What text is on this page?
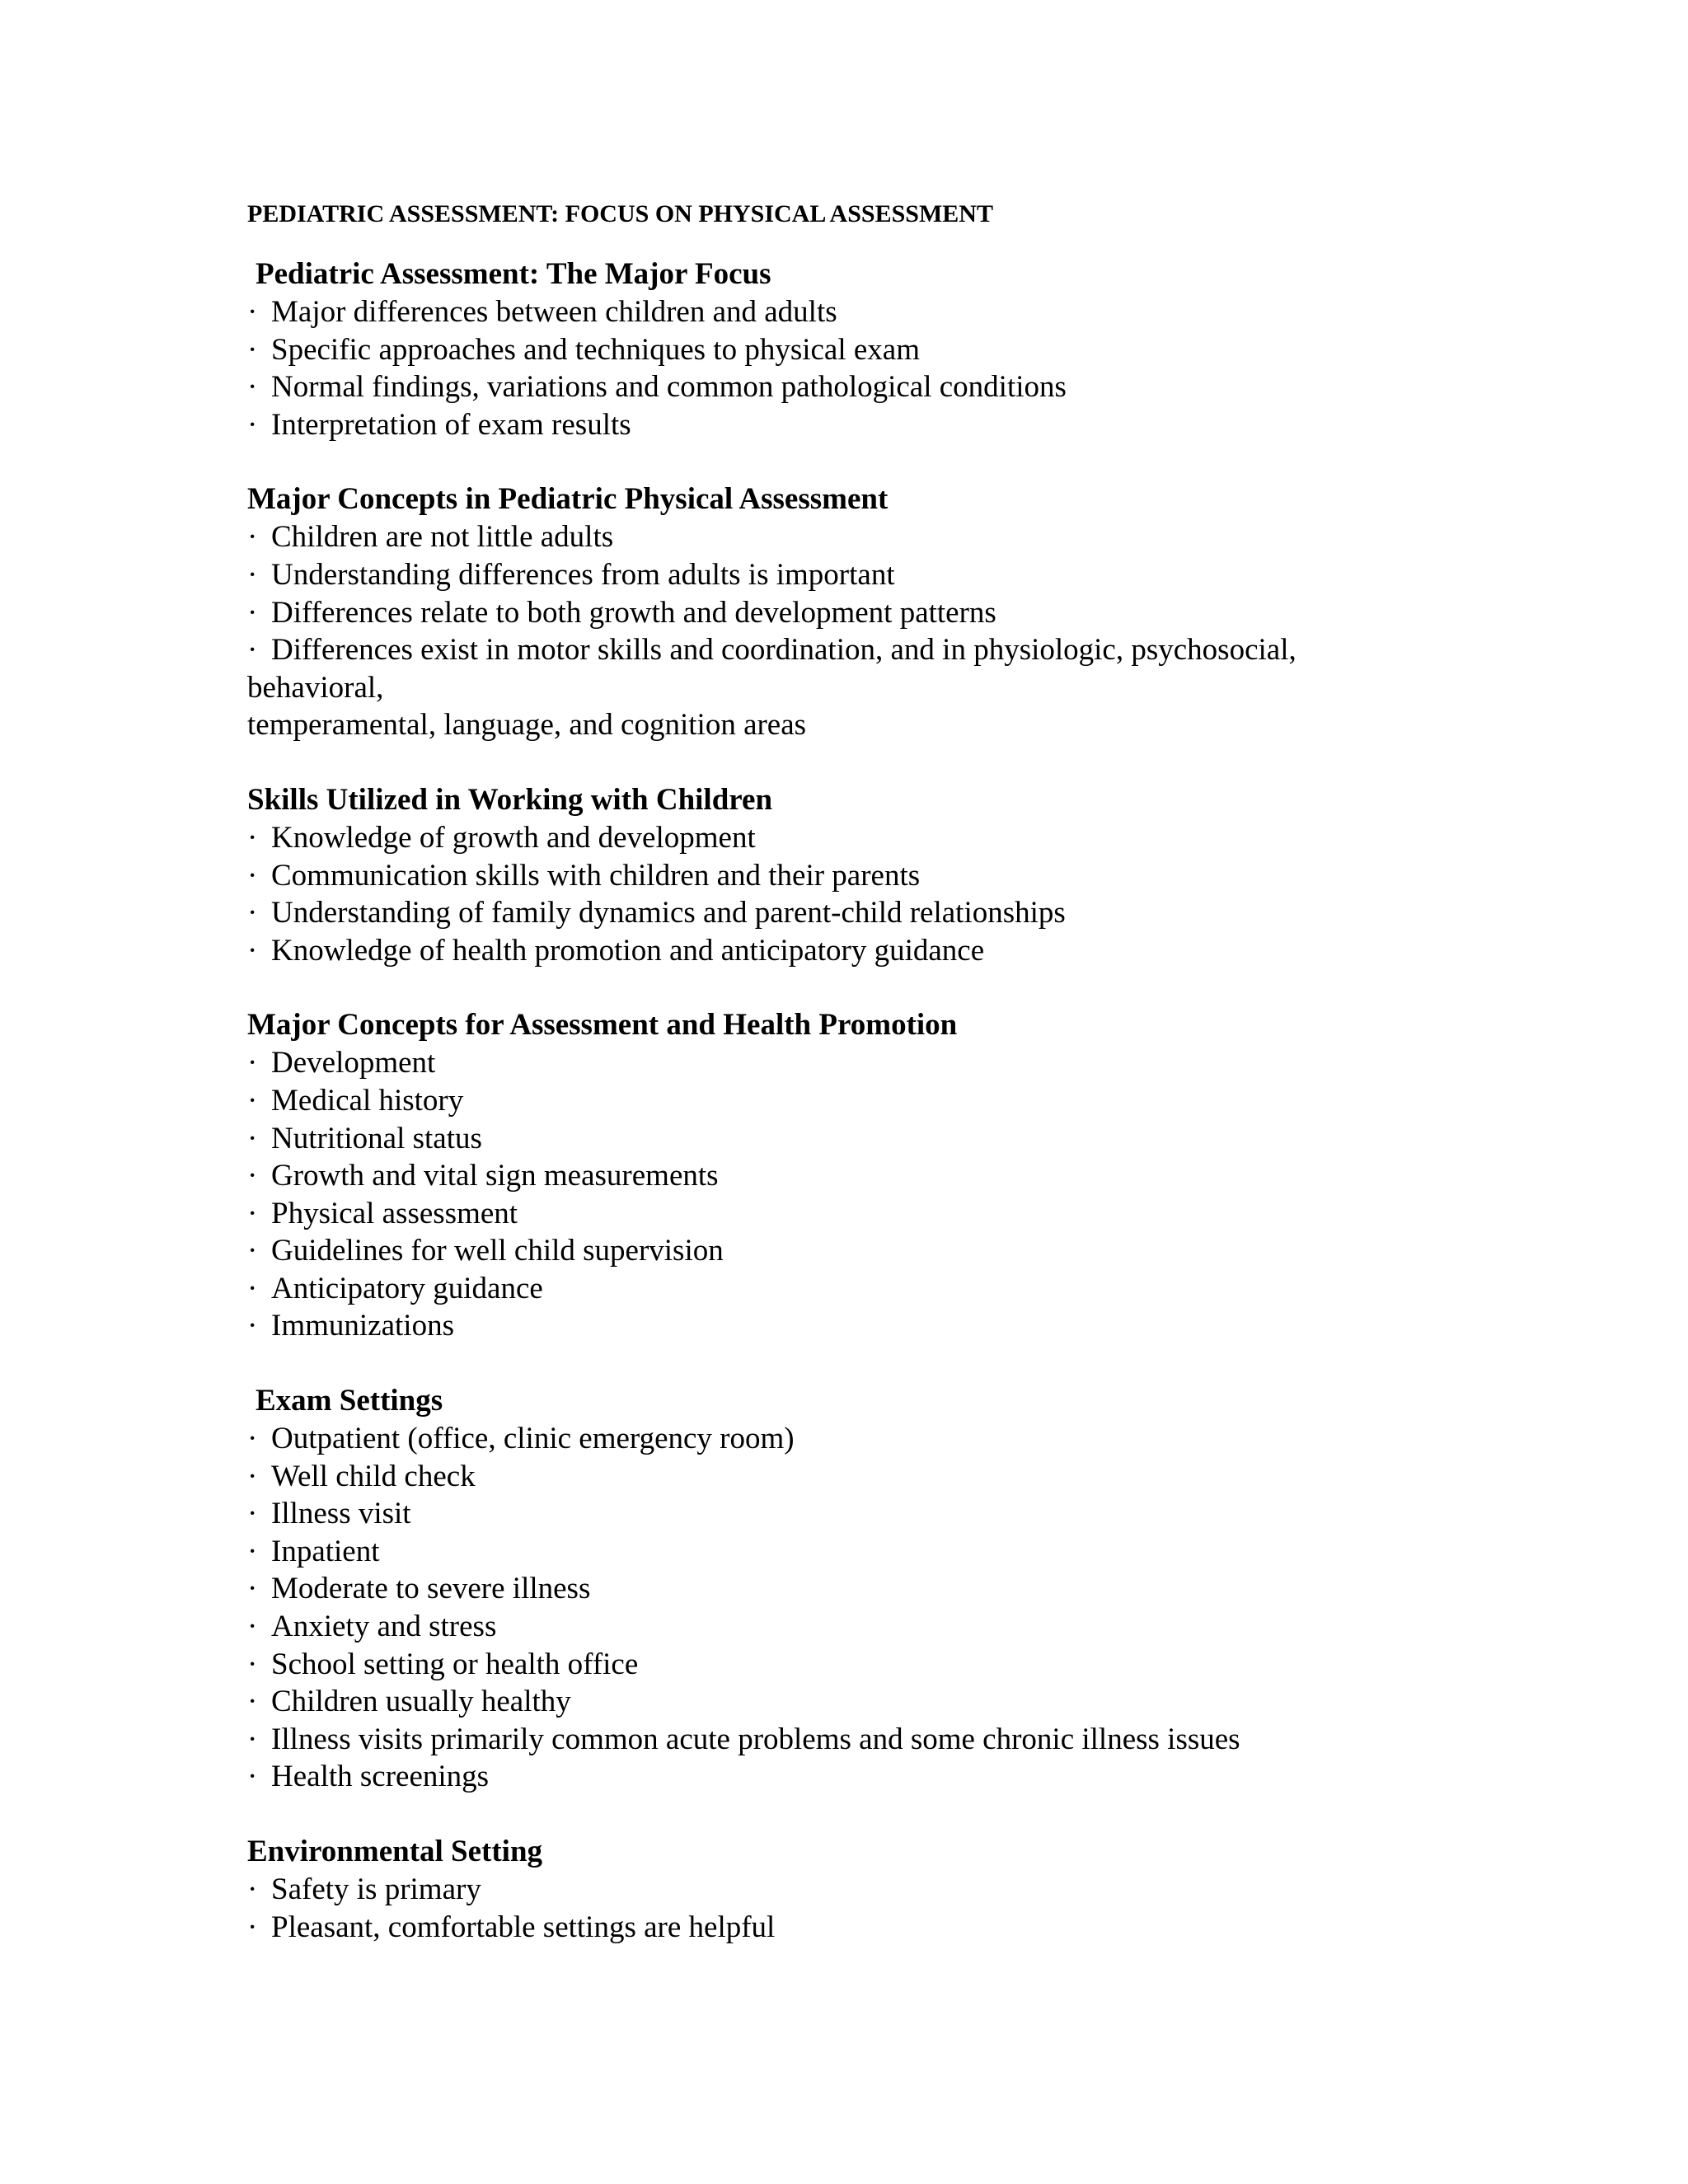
PEDIATRIC ASSESSMENT: FOCUS ON PHYSICAL ASSESSMENT
Pediatric Assessment: The Major Focus
· Major differences between children and adults
· Specific approaches and techniques to physical exam
· Normal findings, variations and common pathological conditions
· Interpretation of exam results
Major Concepts in Pediatric Physical Assessment
· Children are not little adults
· Understanding differences from adults is important
· Differences relate to both growth and development patterns
· Differences exist in motor skills and coordination, and in physiologic, psychosocial,
behavioral,
temperamental, language, and cognition areas
Skills Utilized in Working with Children
· Knowledge of growth and development
· Communication skills with children and their parents
· Understanding of family dynamics and parent-child relationships
· Knowledge of health promotion and anticipatory guidance
Major Concepts for Assessment and Health Promotion
· Development
· Medical history
· Nutritional status
· Growth and vital sign measurements
· Physical assessment
· Guidelines for well child supervision
· Anticipatory guidance
· Immunizations
Exam Settings
· Outpatient (office, clinic emergency room)
· Well child check
· Illness visit
· Inpatient
· Moderate to severe illness
· Anxiety and stress
· School setting or health office
· Children usually healthy
· Illness visits primarily common acute problems and some chronic illness issues
· Health screenings
Environmental Setting
· Safety is primary
· Pleasant, comfortable settings are helpful
